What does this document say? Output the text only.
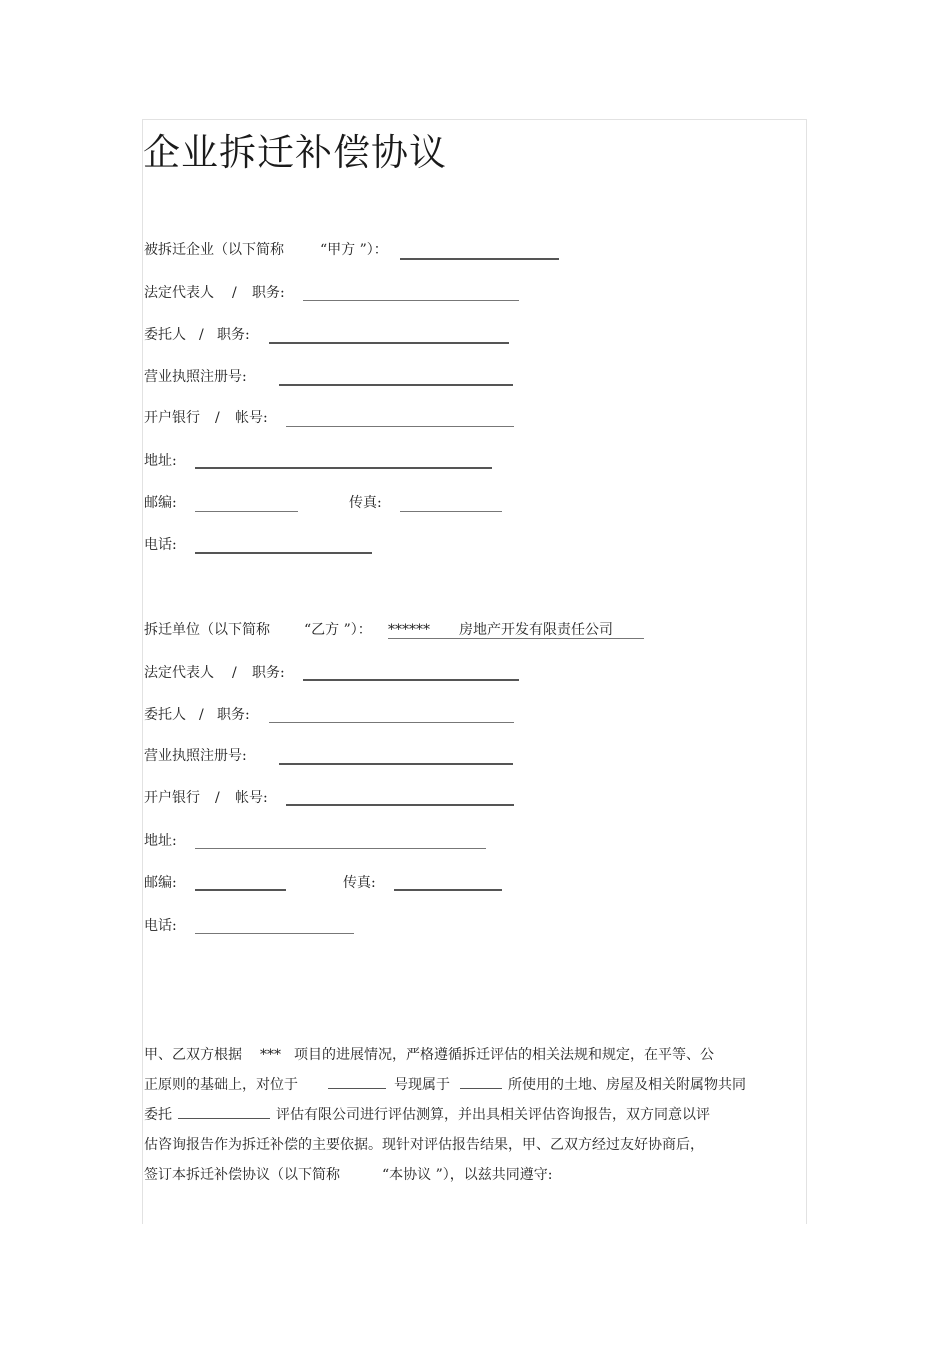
企业拆迁补偿协议
被拆迁企业（以下简称	“甲方 ”）：
法定代表人 / 职务:
委托人 / 职务:
营业执照注册号:
开户银行 / 帐号:
地址:
邮编:	传真:
电话:
拆迁单位（以下简称 “乙方 ”）： ****** 房地产开发有限责任公司
法定代表人 / 职务:
委托人 / 职务:
营业执照注册号:
开户银行 / 帐号:
地址:
邮编:	传真:
电话:
甲、乙双方根据 *** 项目的进展情况，严格遵循拆迁评估的相关法规和规定，在平等、公
正原则的基础上，对位于	号现属于	所使用的土地、房屋及相关附属物共同
委托	评估有限公司进行评估测算，并出具相关评估咨询报告，双方同意以评
估咨询报告作为拆迁补偿的主要依据。现针对评估报告结果，甲、乙双方经过友好协商后，
签订本拆迁补偿协议（以下简称	“本协议 ”），以兹共同遵守:
